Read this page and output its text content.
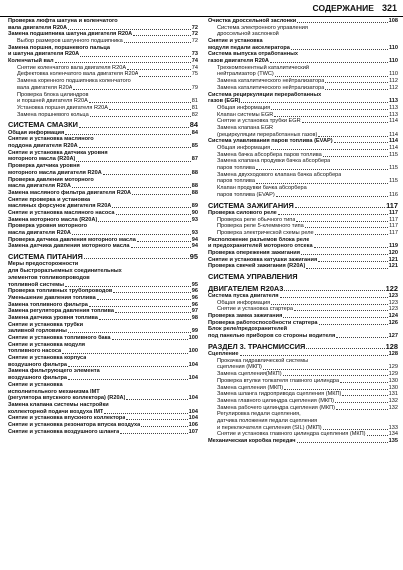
СОДЕРЖАНИЕ 321
Проверка люфта шатуна и коленчатого
вала двигателя R20A	72
Замена подшипника шатуна двигателя R20A	72
Выбор размеров шатунного подшипника	72
Замена поршня, поршневого пальца
и шатуна двигателя R20A	73
Коленчатый вал	74
Снятие коленчатого вала двигателя R20A	74
Дефектовка коленчатого вала двигателя R20A	75
Замена коренного подшипника коленчатого
вала двигателя R20A	79
Проверка блока цилиндров
и поршней двигателя R20A	81
Установка поршня двигателя R20A	81
Замена поршневого кольца	82
СИСТЕМА СМАЗКИ	84
Общая информация	84
Снятие и установка масляного
поддона двигателя R20A	85
Снятие и установка датчика уровня
моторного масла (R20A)	87
Проверка датчика уровня
моторного масла двигателя R20A	88
Проверка давления моторного
масла двигателя R20A	88
Замена масляного фильтра двигателя R20A	88
Снятие проверка и установка
масляных форсунок двигателя R20A	89
Снятие и установка масляного насоса	90
Замена моторного масла (R20A)	93
Проверка уровня моторного
масла двигателя R20A	93
Проверка датчика давления моторного масла	94
Замена датчика давления моторного масла	94
СИСТЕМА ПИТАНИЯ	95
Меры предосторожности
для быстроразъемных соединительных
элементов топливопроводов
топливной системы	95
Проверка топливных трубопроводов	96
Уменьшение давления топлива	96
Замена топливного фильтра	96
Замена регулятора давления топлива	97
Замена датчика уровня топлива	98
Снятие и установка трубки
заливной горловины	99
Снятие и установка топливного бака	100
Снятие и установка модуля
топливного насоса	100
Снятие и установка корпуса
воздушного фильтра	104
Замена фильтрующего элемента
воздушного фильтра	104
Снятие и установка
исполнительного механизма IMT
(регулятора впускного коллектора) (R20A)	104
Замена клапана системы настройки
коллекторной подачи воздуха IMT	104
Снятие и установка впускного коллектора	104
Снятие и установка резонатора впуска воздуха	106
Снятие и установка воздушного шланга	107
Очистка дроссельной заслонки	108
Система электронного управления
дроссельной заслонкой
Снятие и установка
модуля педали акселератора	110
Система выпуска отработанных
газов двигателя R20A	110
Трехкомпонентный каталитический
нейтрализатор (TWC)	110
Замена каталитического нейтрализатора	112
Замена каталитического нейтрализатора	112
Система рециркуляции переработанных
газов (EGR)	113
Общая информация	113
Клапан системы EGR	113
Снятие и установка трубки EGR	114
Замена клапана EGR
(рециркуляции переработанных газов)	114
Система улавливания паров топлива (EVAP)	114
Общая информация	114
Замена бачка абсорбера паров топлива	115
Замена клапана продувки бачка абсорбера
паров топлива	115
Замена двухходового клапана бачка абсорбера
паров топлива	115
Клапан продувки бачка абсорбера
паров топлива (EVAP)	116
СИСТЕМА ЗАЖИГАНИЯ	117
Проверка силового реле	117
Проверка реле обычного типа	117
Проверка реле 5-клеммного типа	117
Проверка электрической схемы реле	117
Расположение разъемов блока реле
и предохранителей моторного отсека	119
Проверка опережения зажигания	120
Снятие и установка катушки зажигания	121
Проверка свечей зажигания (R20A)	121
СИСТЕМА УПРАВЛЕНИЯ
ДВИГАТЕЛЕМ R20A3	122
Система пуска двигателя	123
Общая информация	123
Снятие и установка стартера	123
Проверка замка зажигания	124
Проверка работоспособности стартера	126
Блок реле/предохранителей
под панелью приборов со стороны водителя	127
РАЗДЕЛ 3. ТРАНСМИССИЯ	128
Сцепление	128
Прокачка гидравлической системы
сцепления (МКП)	129
Замена сцепления(МКП)	129
Проверка втулки толкателя главного цилиндра	130
Замена сцепления (МКП)	130
Замена шланга гидропривода сцепления (МКП)	131
Замена главного цилиндра сцепления (МКП)	132
Замена рабочего цилиндра сцепления (МКП)	132
Регулировка педали сцепления,
датчика положения педали сцепления
и переключателя сцепления (SIL) (МКП)	133
Снятие и установка главного цилиндра сцепления (МКП)	134
Механическая коробка передач	135
